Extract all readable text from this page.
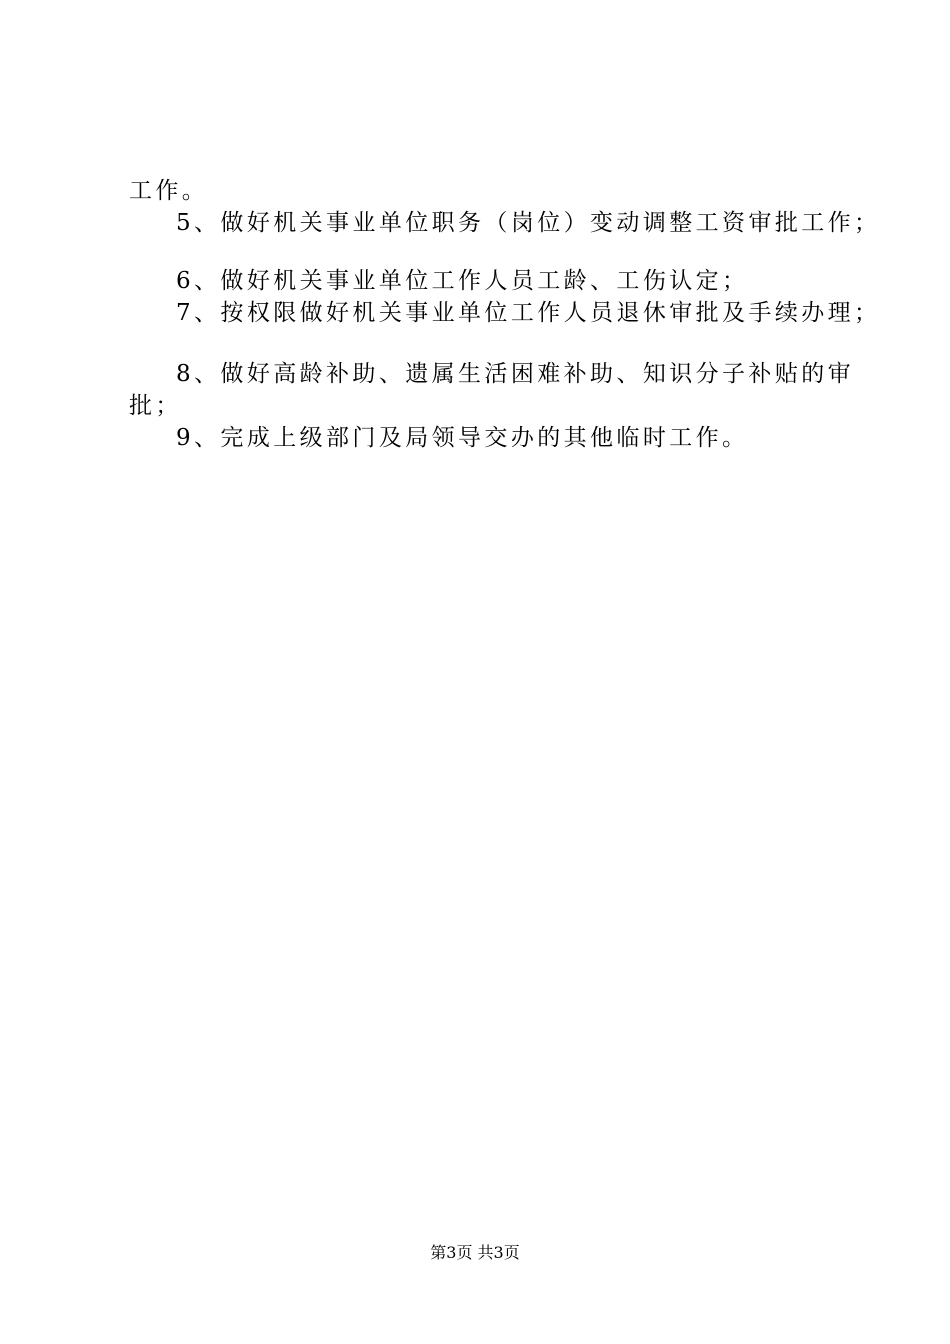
工作。
5、做好机关事业单位职务（岗位）变动调整工资审批工作；
6、做好机关事业单位工作人员工龄、工伤认定；
7、按权限做好机关事业单位工作人员退休审批及手续办理；
8、做好高龄补助、遗属生活困难补助、知识分子补贴的审
批；
9、完成上级部门及局领导交办的其他临时工作。
第3页 共3页
